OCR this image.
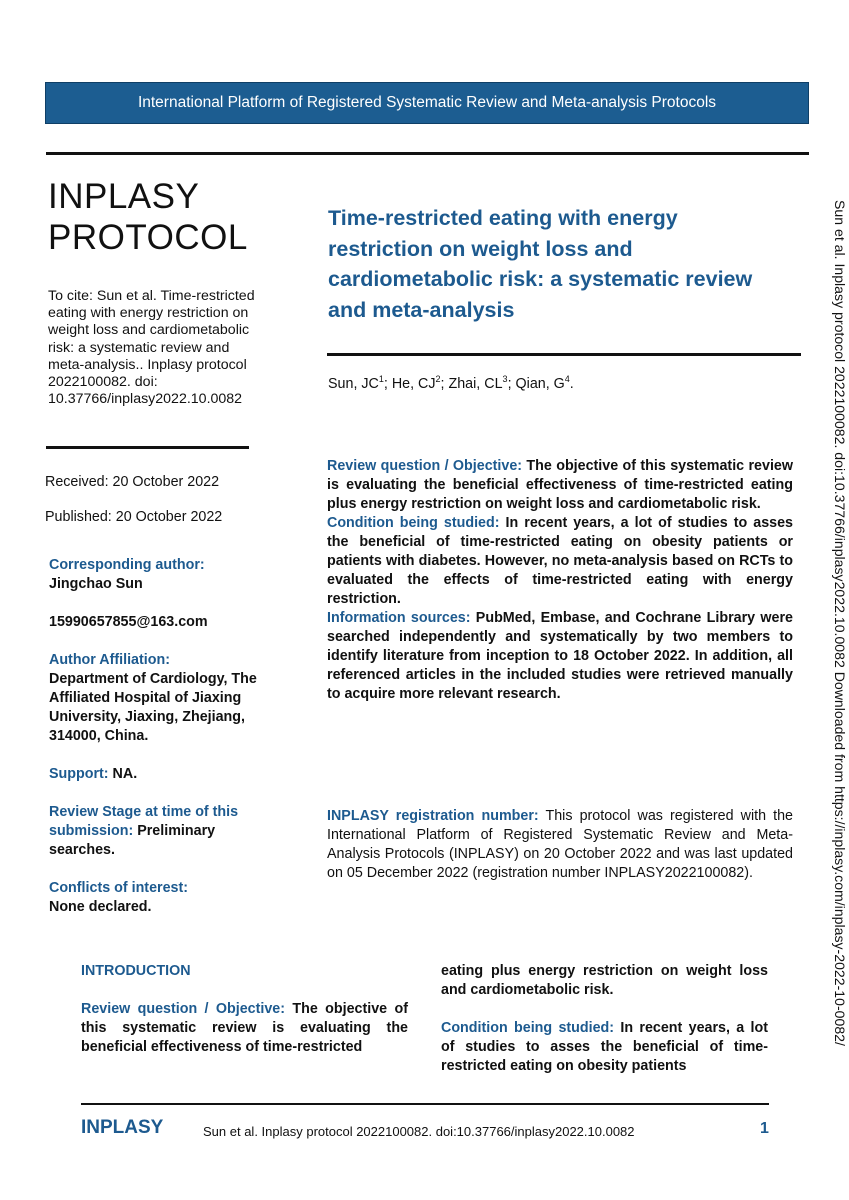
International Platform of Registered Systematic Review and Meta-analysis Protocols
INPLASY
PROTOCOL
To cite: Sun et al. Time-restricted eating with energy restriction on weight loss and cardiometabolic risk: a systematic review and meta-analysis.. Inplasy protocol 2022100082. doi: 10.37766/inplasy2022.10.0082
Received: 20 October 2022
Published: 20 October 2022
Corresponding author:
Jingchao Sun
15990657855@163.com
Author Affiliation:
Department of Cardiology, The Affiliated Hospital of Jiaxing University, Jiaxing, Zhejiang, 314000, China.
Support: NA.
Review Stage at time of this submission: Preliminary searches.
Conflicts of interest:
None declared.
Time-restricted eating with energy restriction on weight loss and cardiometabolic risk: a systematic review and meta-analysis
Sun, $JC^1$; He, $CJ^2$; Zhai, $CL^3$; Qian, $G^4$.
Review question / Objective: The objective of this systematic review is evaluating the beneficial effectiveness of time-restricted eating plus energy restriction on weight loss and cardiometabolic risk.
Condition being studied: In recent years, a lot of studies to asses the beneficial of time-restricted eating on obesity patients or patients with diabetes. However, no meta-analysis based on RCTs to evaluated the effects of time-restricted eating with energy restriction.
Information sources: PubMed, Embase, and Cochrane Library were searched independently and systematically by two members to identify literature from inception to 18 October 2022. In addition, all referenced articles in the included studies were retrieved manually to acquire more relevant research.
INPLASY registration number: This protocol was registered with the International Platform of Registered Systematic Review and Meta-Analysis Protocols (INPLASY) on 20 October 2022 and was last updated on 05 December 2022 (registration number INPLASY2022100082).
INTRODUCTION
Review question / Objective: The objective of this systematic review is evaluating the beneficial effectiveness of time-restricted
eating plus energy restriction on weight loss and cardiometabolic risk.
Condition being studied: In recent years, a lot of studies to asses the beneficial of time-restricted eating on obesity patients
Sun et al. Inplasy protocol 2022100082. doi:10.37766/inplasy2022.10.0082 Downloaded from https://inplasy.com/inplasy-2022-10-0082/
INPLASY	Sun et al. Inplasy protocol 2022100082. doi:10.37766/inplasy2022.10.0082	1
